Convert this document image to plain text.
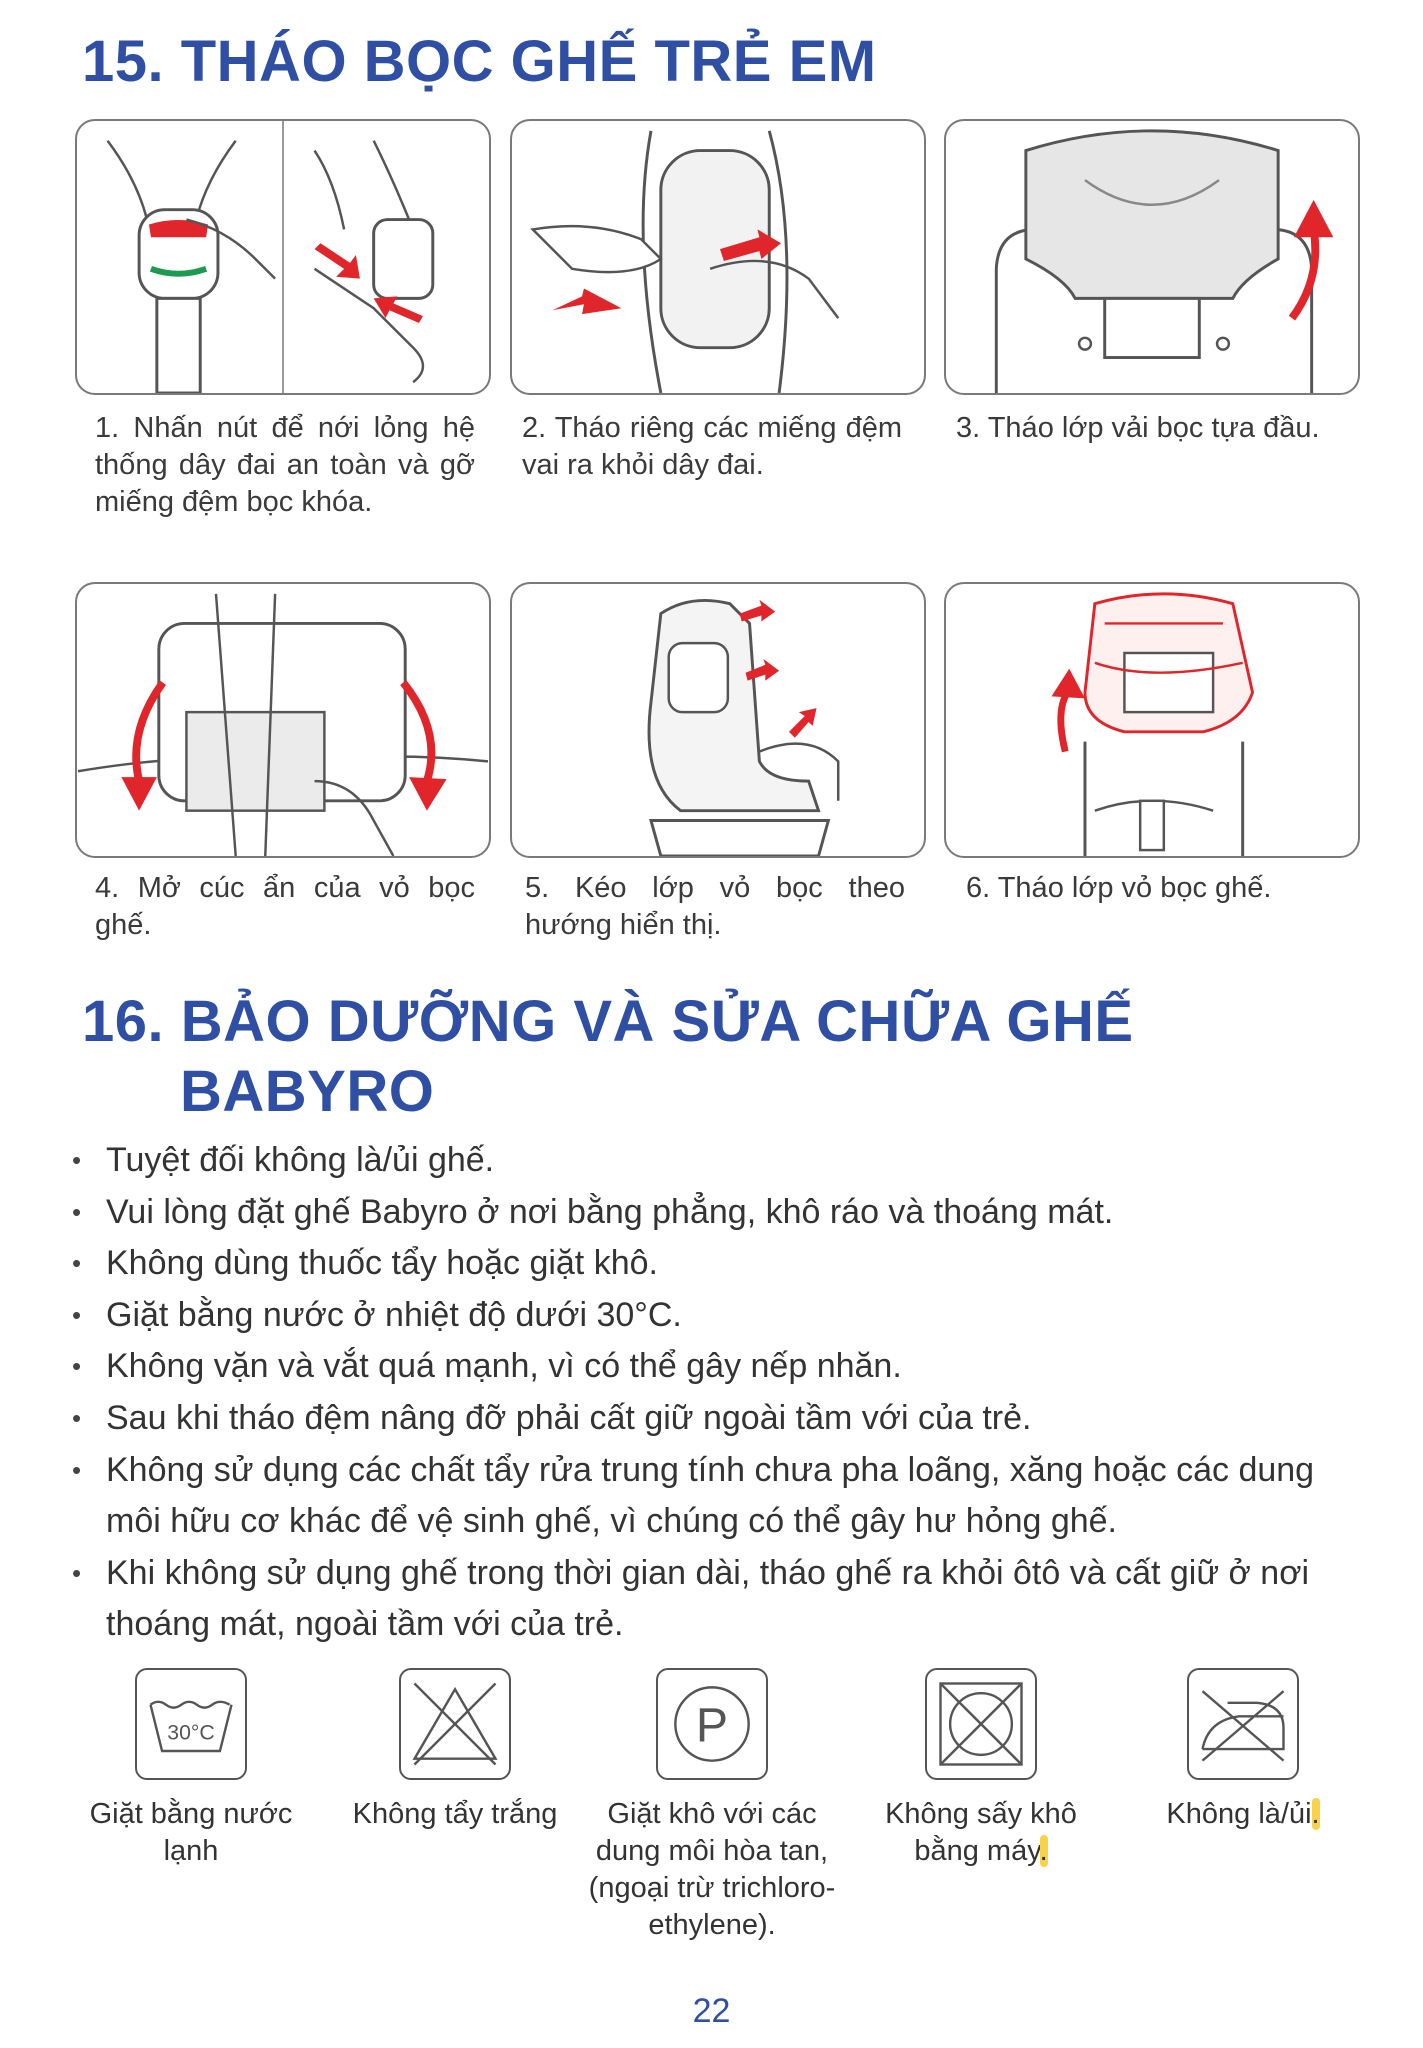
15. THÁO BỌC GHẾ TRẺ EM
1. Nhấn nút để nới lỏng hệ thống dây đai an toàn và gỡ miếng đệm bọc khóa.
2. Tháo riêng các miếng đệm vai ra khỏi dây đai.
3. Tháo lớp vải bọc tựa đầu.
4. Mở cúc ẩn của vỏ bọc ghế.
5. Kéo lớp vỏ bọc theo hướng hiển thị.
6. Tháo lớp vỏ bọc ghế.
16. BẢO DƯỠNG VÀ SỬA CHỮA GHẾ
BABYRO
• Tuyệt đối không là/ủi ghế.
• Vui lòng đặt ghế Babyro ở nơi bằng phẳng, khô ráo và thoáng mát.
• Không dùng thuốc tẩy hoặc giặt khô.
• Giặt bằng nước ở nhiệt độ dưới 30°C.
• Không vặn và vắt quá mạnh, vì có thể gây nếp nhăn.
• Sau khi tháo đệm nâng đỡ phải cất giữ ngoài tầm với của trẻ.
• Không sử dụng các chất tẩy rửa trung tính chưa pha loãng, xăng hoặc các dung môi hữu cơ khác để vệ sinh ghế, vì chúng có thể gây hư hỏng ghế.
• Khi không sử dụng ghế trong thời gian dài, tháo ghế ra khỏi ôtô và cất giữ ở nơi thoáng mát, ngoài tầm với của trẻ.
30°C
Giặt bằng nước lạnh
Không tẩy trắng
P
Giặt khô với các dung môi hòa tan, (ngoại trừ trichloro-ethylene).
Không sấy khô bằng máy.
Không là/ủi.
22
